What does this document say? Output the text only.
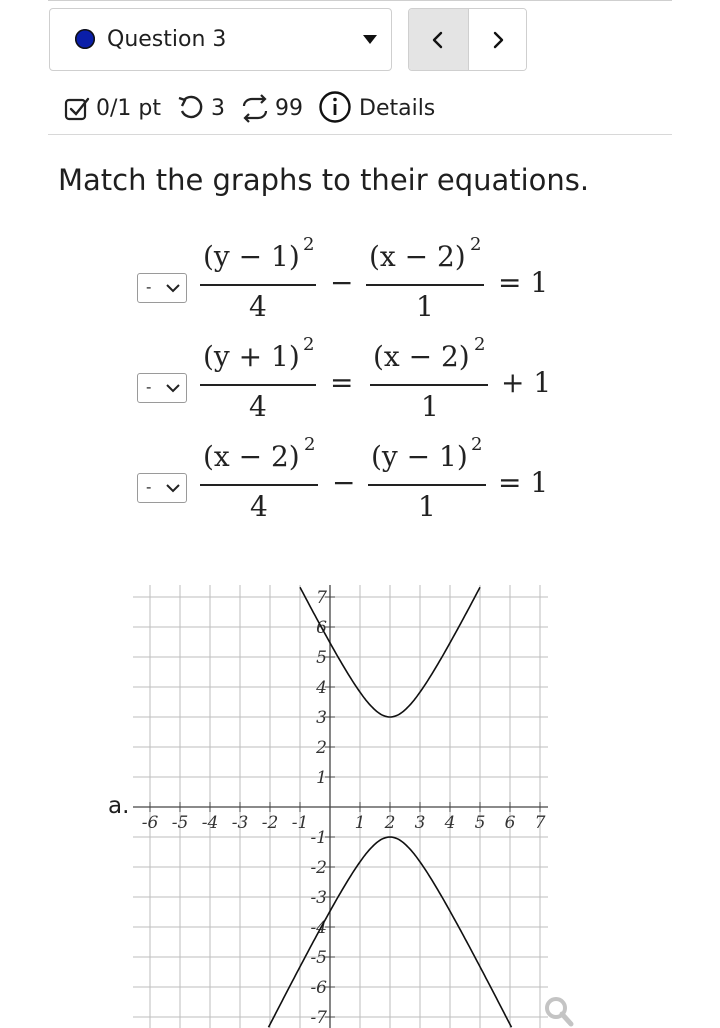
Question 3
0/1 pt 3 99	Details
Match the graphs to their equations.
-
(y − 1) 2
4
−
(x − 2) 2
1
= 1
-
(y + 1) 2
4
=
(x − 2) 2
1
+ 1
-
(x − 2) 2
4
−
(y − 1) 2
1
= 1
a.
-6 -5 -4 -3 -2 -1	1 2 3 4 5 6 7
7
6
5
4
3
2
1
-1
-2
-3
-4
-5
-6
-7
